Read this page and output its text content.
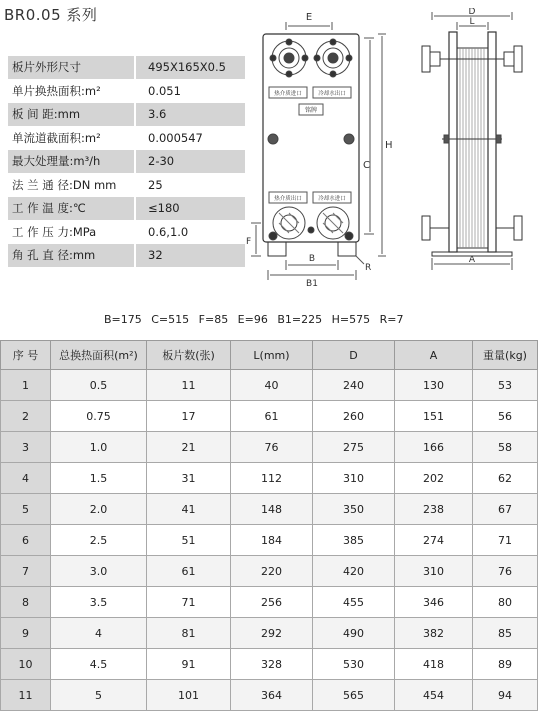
BR0.05 系列
板片外形尺寸		495X165X0.5
单片换热面积:m²		0.051
板 间 距:mm		3.6
单流道截面积:m²		0.000547
最大处理量:m³/h		2-30
法 兰 通 径:DN mm		25
工 作 温 度:℃		≤180
工 作 压 力:MPa		0.6,1.0
角 孔 直 径:mm		32
E
热介质进口	冷却水出口
铭牌
热介质出口	冷却水进口
C
H
F
B
B1
R
D
L
A
B=175 C=515 F=85 E=96 B1=225 H=575 R=7
序 号	总换热面积(m²)	板片数(张)	L(mm)	D	A	重量(kg)
1	0.5	11	40	240	130	53
2	0.75	17	61	260	151	56
3	1.0	21	76	275	166	58
4	1.5	31	112	310	202	62
5	2.0	41	148	350	238	67
6	2.5	51	184	385	274	71
7	3.0	61	220	420	310	76
8	3.5	71	256	455	346	80
9	4	81	292	490	382	85
10	4.5	91	328	530	418	89
11	5	101	364	565	454	94
